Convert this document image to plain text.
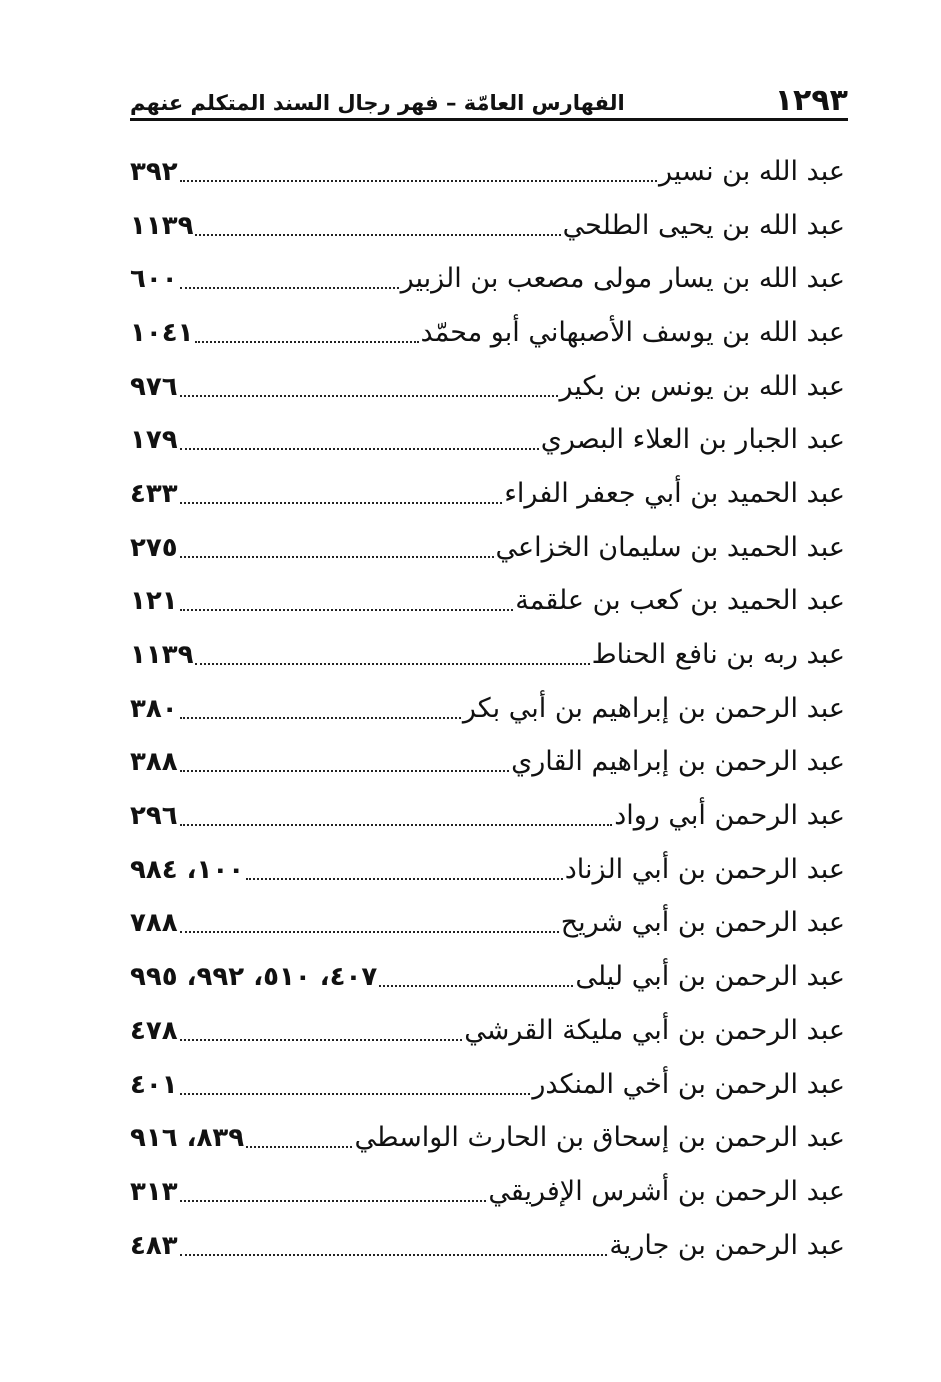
١٢٩٣
الفهارس العامّة – فهر رجال السند المتكلم عنهم
عبد الله بن نسير
٣٩٢
عبد الله بن يحيى الطلحي
١١٣٩
عبد الله بن يسار مولى مصعب بن الزبير
٦٠٠
عبد الله بن يوسف الأصبهاني أبو محمّد
١٠٤١
عبد الله بن يونس بن بكير
٩٧٦
عبد الجبار بن العلاء البصري
١٧٩
عبد الحميد بن أبي جعفر الفراء
٤٣٣
عبد الحميد بن سليمان الخزاعي
٢٧٥
عبد الحميد بن كعب بن علقمة
١٢١
عبد ربه بن نافع الحناط
١١٣٩
عبد الرحمن بن إبراهيم بن أبي بكر
٣٨٠
عبد الرحمن بن إبراهيم القاري
٣٨٨
عبد الرحمن أبي رواد
٢٩٦
عبد الرحمن بن أبي الزناد
١٠٠، ٩٨٤
عبد الرحمن بن أبي شريح
٧٨٨
عبد الرحمن بن أبي ليلى
٤٠٧، ٥١٠، ٩٩٢، ٩٩٥
عبد الرحمن بن أبي مليكة القرشي
٤٧٨
عبد الرحمن بن أخي المنكدر
٤٠١
عبد الرحمن بن إسحاق بن الحارث الواسطي
٨٣٩، ٩١٦
عبد الرحمن بن أشرس الإفريقي
٣١٣
عبد الرحمن بن جارية
٤٨٣
